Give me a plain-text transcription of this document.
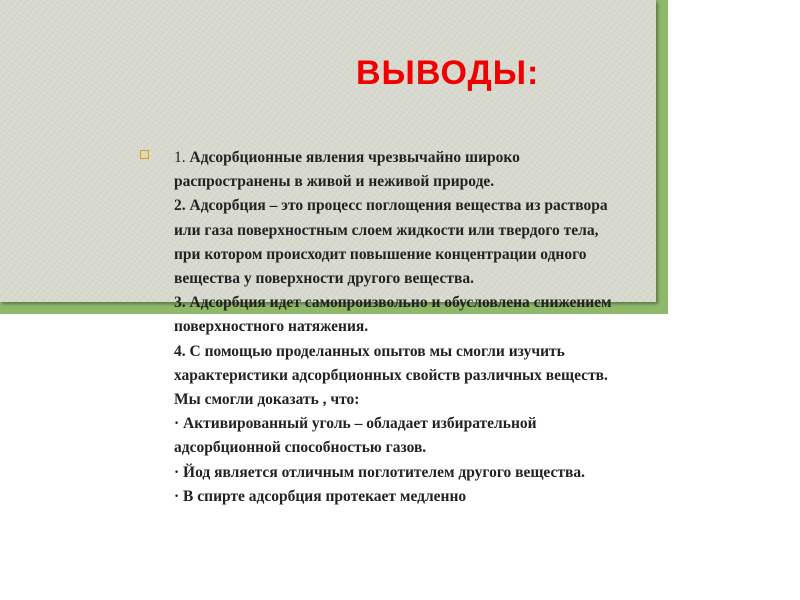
ВЫВОДЫ:
1. Адсорбционные явления чрезвычайно широко
распространены в живой и неживой природе.
2. Адсорбция – это процесс поглощения вещества из раствора
или газа поверхностным слоем жидкости или твердого тела,
при котором происходит повышение концентрации одного
вещества у поверхности другого вещества.
3. Адсорбция идет самопроизвольно и обусловлена снижением
поверхностного натяжения.
4. С помощью проделанных опытов мы смогли изучить
характеристики адсорбционных свойств различных веществ.
Мы смогли доказать , что:
· Активированный уголь – обладает избирательной
адсорбционной способностью газов.
· Йод является отличным поглотителем другого вещества.
· В спирте адсорбция протекает медленно
